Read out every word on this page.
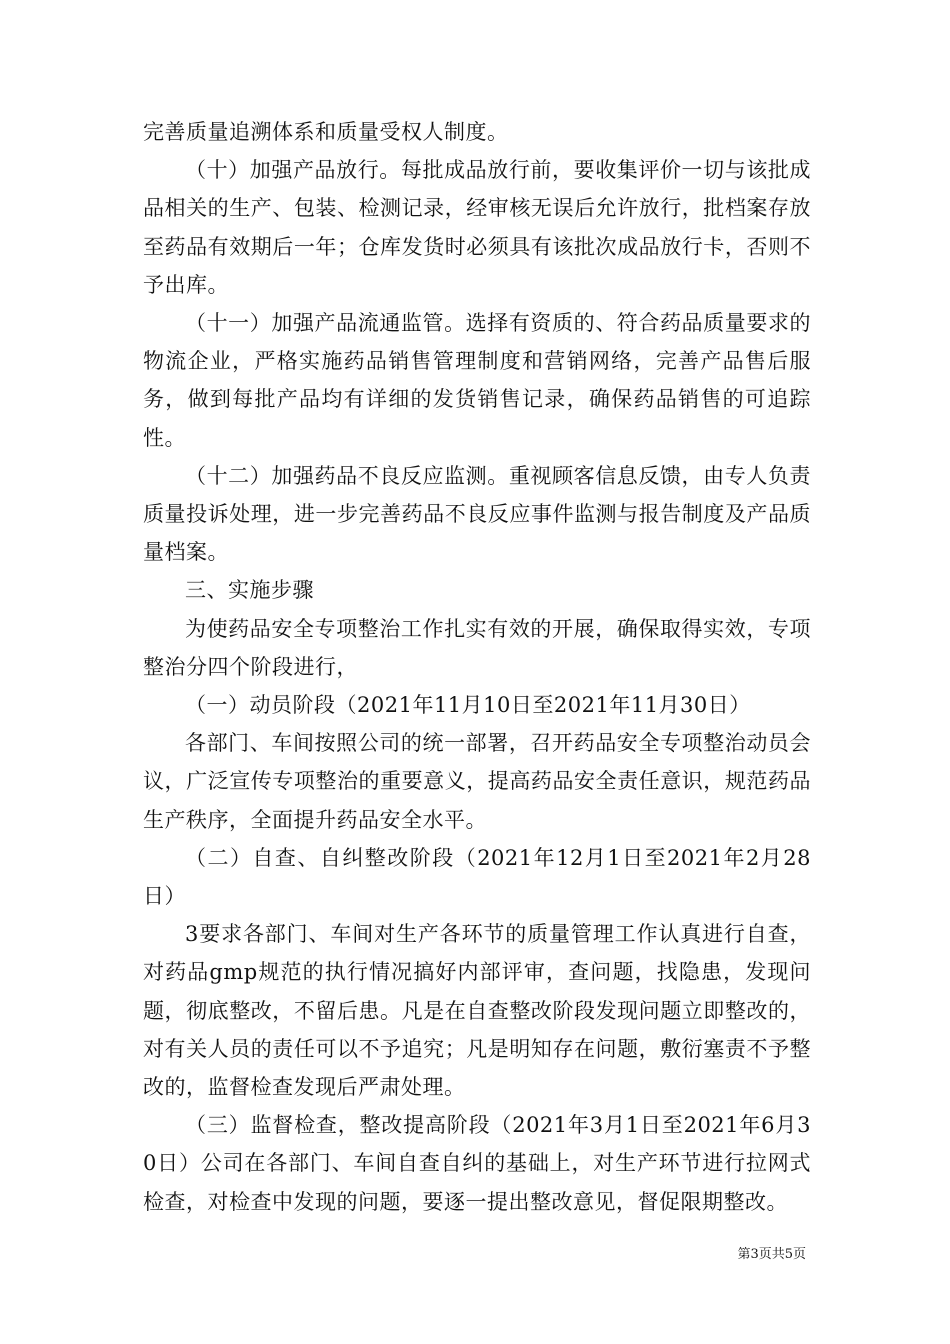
完善质量追溯体系和质量受权人制度。

（十）加强产品放行。每批成品放行前，要收集评价一切与该批成品相关的生产、包装、检测记录，经审核无误后允许放行，批档案存放至药品有效期后一年；仓库发货时必须具有该批次成品放行卡，否则不予出库。

（十一）加强产品流通监管。选择有资质的、符合药品质量要求的物流企业，严格实施药品销售管理制度和营销网络，完善产品售后服务，做到每批产品均有详细的发货销售记录，确保药品销售的可追踪性。

（十二）加强药品不良反应监测。重视顾客信息反馈，由专人负责质量投诉处理，进一步完善药品不良反应事件监测与报告制度及产品质量档案。

三、实施步骤

为使药品安全专项整治工作扎实有效的开展，确保取得实效，专项整治分四个阶段进行，

（一）动员阶段（2021年11月10日至2021年11月30日）

各部门、车间按照公司的统一部署，召开药品安全专项整治动员会议，广泛宣传专项整治的重要意义，提高药品安全责任意识，规范药品生产秩序，全面提升药品安全水平。

（二）自查、自纠整改阶段（2021年12月1日至2021年2月28日）

3要求各部门、车间对生产各环节的质量管理工作认真进行自查，对药品gmp规范的执行情况搞好内部评审，查问题，找隐患，发现问题，彻底整改，不留后患。凡是在自查整改阶段发现问题立即整改的，对有关人员的责任可以不予追究；凡是明知存在问题，敷衍塞责不予整改的，监督检查发现后严肃处理。

（三）监督检查，整改提高阶段（2021年3月1日至2021年6月30日）公司在各部门、车间自查自纠的基础上，对生产环节进行拉网式检查，对检查中发现的问题，要逐一提出整改意见，督促限期整改。

第3页共5页
